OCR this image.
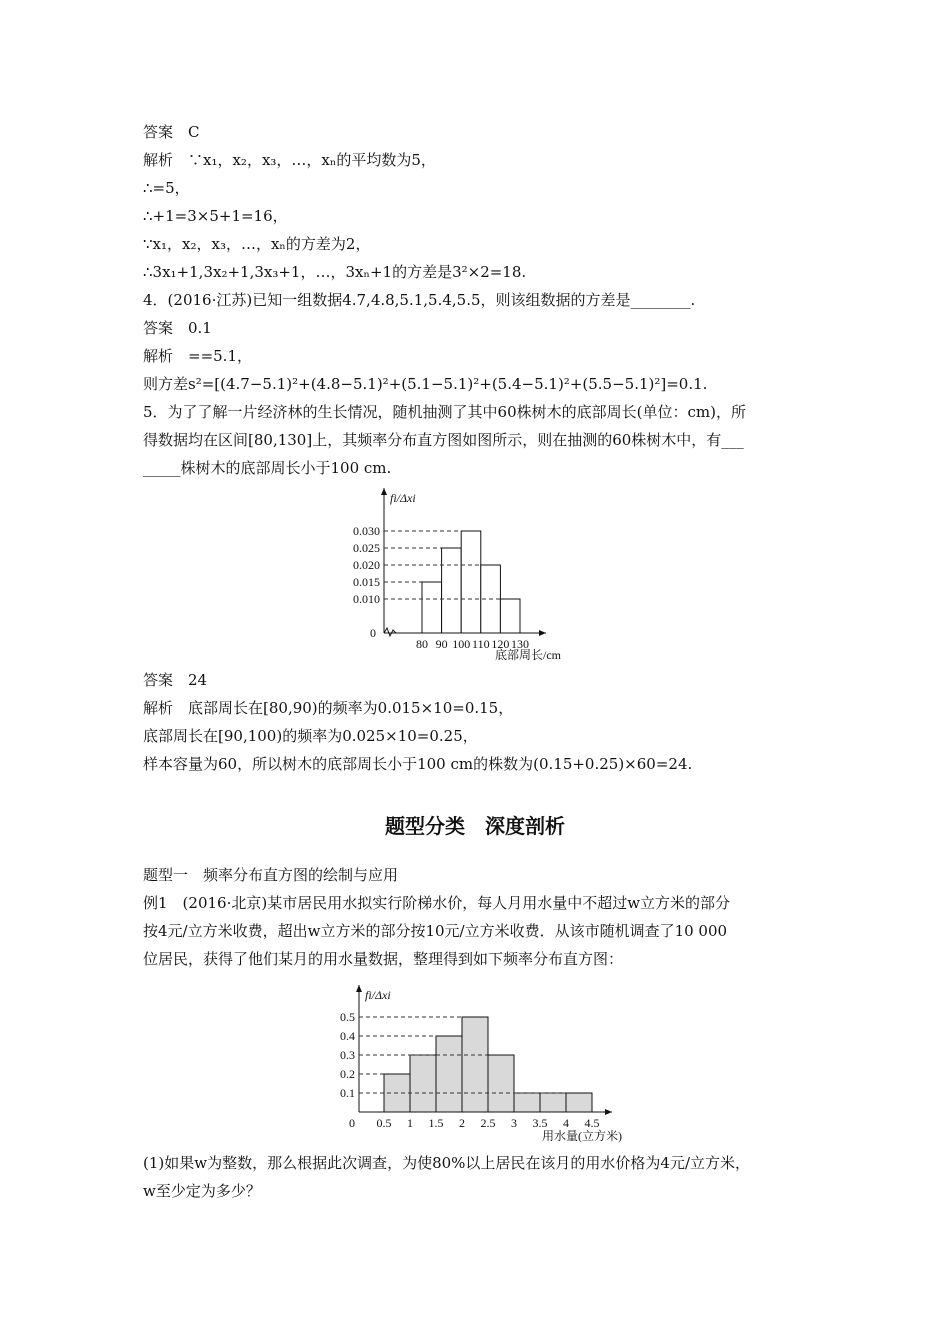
答案　C
解析　∵x₁，x₂，x₃，…，xₙ的平均数为5，
∴=5，
∴+1=3×5+1=16，
∵x₁，x₂，x₃，…，xₙ的方差为2，
∴3x₁+1,3x₂+1,3x₃+1，…，3xₙ+1的方差是3²×2=18.
4．(2016·江苏)已知一组数据4.7,4.8,5.1,5.4,5.5，则该组数据的方差是________.
答案　0.1
解析　==5.1，
则方差s²=[(4.7−5.1)²+(4.8−5.1)²+(5.1−5.1)²+(5.4−5.1)²+(5.5−5.1)²]=0.1.
5．为了了解一片经济林的生长情况，随机抽测了其中60株树木的底部周长(单位：cm)，所
得数据均在区间[80,130]上，其频率分布直方图如图所示，则在抽测的60株树木中，有___
_____株树木的底部周长小于100 cm.
fi/Δxi
0.030
0.025
0.020
0.015
0.010
80 90 100 110 120 130
0
底部周长/cm
fi/Δxi
0.5
0.4
0.3
0.2
0.1
0.5 1 1.5 2 2.5 3 3.5 4 4.5
0
用水量(立方米)
答案　24
解析　底部周长在[80,90)的频率为0.015×10=0.15，
底部周长在[90,100)的频率为0.025×10=0.25，
样本容量为60，所以树木的底部周长小于100 cm的株数为(0.15+0.25)×60=24.
题型分类　深度剖析
题型一　频率分布直方图的绘制与应用
例1　(2016·北京)某市居民用水拟实行阶梯水价，每人月用水量中不超过w立方米的部分
按4元/立方米收费，超出w立方米的部分按10元/立方米收费．从该市随机调查了10 000
位居民，获得了他们某月的用水量数据，整理得到如下频率分布直方图：
(1)如果w为整数，那么根据此次调查，为使80%以上居民在该月的用水价格为4元/立方米，
w至少定为多少？
